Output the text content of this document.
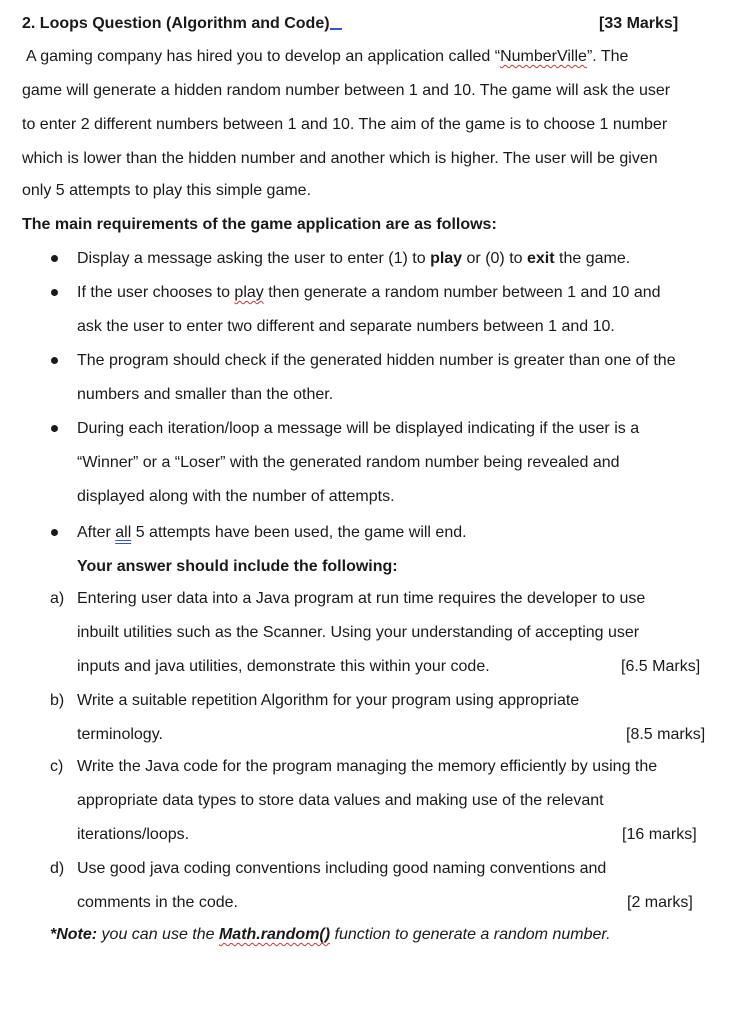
2. Loops Question (Algorithm and Code)	[33 Marks]
A gaming company has hired you to develop an application called “NumberVille”. The
game will generate a hidden random number between 1 and 10. The game will ask the user
to enter 2 different numbers between 1 and 10. The aim of the game is to choose 1 number
which is lower than the hidden number and another which is higher. The user will be given
only 5 attempts to play this simple game.
The main requirements of the game application are as follows:
Display a message asking the user to enter (1) to play or (0) to exit the game.
If the user chooses to play then generate a random number between 1 and 10 and
ask the user to enter two different and separate numbers between 1 and 10.
The program should check if the generated hidden number is greater than one of the
numbers and smaller than the other.
During each iteration/loop a message will be displayed indicating if the user is a
“Winner” or a “Loser” with the generated random number being revealed and
displayed along with the number of attempts.
After all 5 attempts have been used, the game will end.
Your answer should include the following:
a) Entering user data into a Java program at run time requires the developer to use
inbuilt utilities such as the Scanner. Using your understanding of accepting user
inputs and java utilities, demonstrate this within your code.	[6.5 Marks]
b) Write a suitable repetition Algorithm for your program using appropriate
terminology.	[8.5 marks]
c) Write the Java code for the program managing the memory efficiently by using the
appropriate data types to store data values and making use of the relevant
iterations/loops.	[16 marks]
d) Use good java coding conventions including good naming conventions and
comments in the code.	[2 marks]
*Note: you can use the Math.random() function to generate a random number.
